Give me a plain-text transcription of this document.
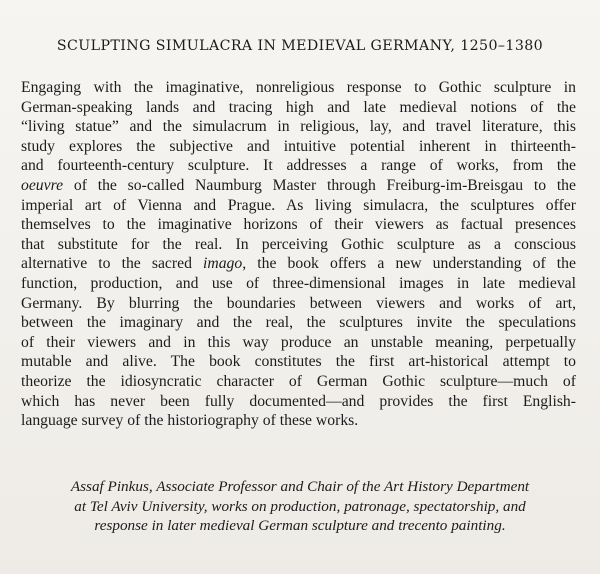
SCULPTING SIMULACRA IN MEDIEVAL GERMANY, 1250–1380
Engaging with the imaginative, nonreligious response to Gothic sculpture in
German-speaking lands and tracing high and late medieval notions of the
“living statue” and the simulacrum in religious, lay, and travel literature, this
study explores the subjective and intuitive potential inherent in thirteenth-
and fourteenth-century sculpture. It addresses a range of works, from the
oeuvre of the so-called Naumburg Master through Freiburg-im-Breisgau to the
imperial art of Vienna and Prague. As living simulacra, the sculptures offer
themselves to the imaginative horizons of their viewers as factual presences
that substitute for the real. In perceiving Gothic sculpture as a conscious
alternative to the sacred imago, the book offers a new understanding of the
function, production, and use of three-dimensional images in late medieval
Germany. By blurring the boundaries between viewers and works of art,
between the imaginary and the real, the sculptures invite the speculations
of their viewers and in this way produce an unstable meaning, perpetually
mutable and alive. The book constitutes the first art-historical attempt to
theorize the idiosyncratic character of German Gothic sculpture—much of
which has never been fully documented—and provides the first English-
language survey of the historiography of these works.
Assaf Pinkus, Associate Professor and Chair of the Art History Department
at Tel Aviv University, works on production, patronage, spectatorship, and
response in later medieval German sculpture and trecento painting.
